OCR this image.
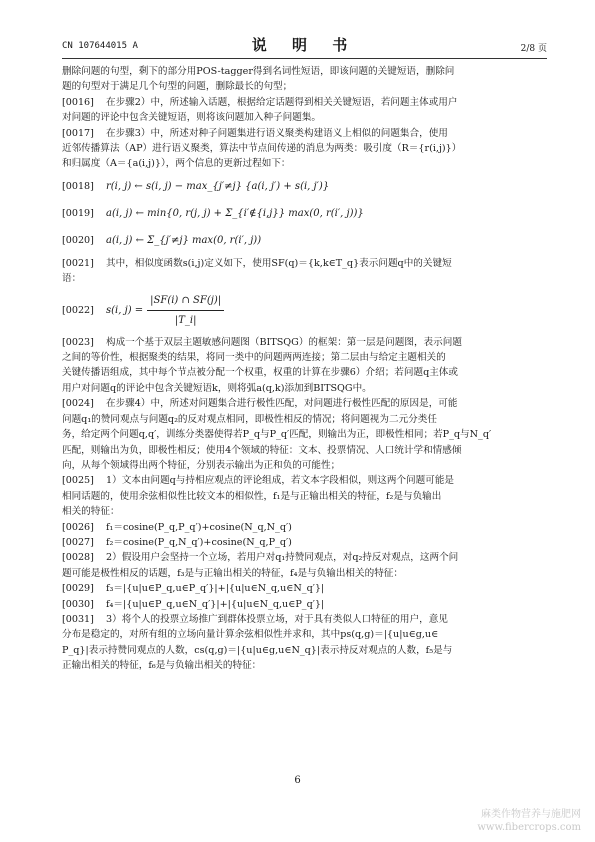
CN 107644015 A	说 明 书	2/8 页
删除问题的句型，剩下的部分用POS-tagger得到名词性短语，即该问题的关键短语，删除问
题的句型对于满足几个句型的问题，删除最长的句型；
[0016] 在步骤2）中，所述输入话题，根据给定话题得到相关关键短语，若问题主体或用户
对问题的评论中包含关键短语，则将该问题加入种子问题集。
[0017] 在步骤3）中，所述对种子问题集进行语义聚类构建语义上相似的问题集合，使用
近邻传播算法（AP）进行语义聚类，算法中节点间传递的消息为两类：吸引度（R＝{r(i,j)}）
和归属度（A＝{a(i,j)}），两个信息的更新过程如下：
[0018]	r(i, j) ← s(i, j) − max_{j′≠j} {a(i, j′) + s(i, j′)}
[0019]	a(i, j) ← min{0, r(j, j) + Σ_{i′∉{i,j}} max(0, r(i′, j))}
[0020]	a(i, j) ← Σ_{j′≠j} max(0, r(i′, j))
[0021] 其中，相似度函数s(i,j)定义如下，使用SF(q)＝{k,k∈T_q}表示问题q中的关键短
语：
[0022]	s(i, $j) = \frac{|SF(i) \cap SF(j)|}{|T\_i|}$
[0023] 构成一个基于双层主题敏感问题图（BITSQG）的框架：第一层是问题图，表示问题
之间的等价性，根据聚类的结果，将同一类中的问题两两连接；第二层由与给定主题相关的
关键传播语组成，其中每个节点被分配一个权重，权重的计算在步骤6）介绍；若问题q主体或
用户对问题q的评论中包含关键短语k，则将弧a(q,k)添加到BITSQG中。
[0024] 在步骤4）中，所述对问题集合进行极性匹配，对问题进行极性匹配的原因是，可能
问题q₁的赞同观点与问题q₂的反对观点相同，即极性相反的情况；将问题视为二元分类任
务，给定两个问题q,q′，训练分类器使得若P_q与P_q′匹配，则输出为正，即极性相同；若P_q与N_q′
匹配，则输出为负，即极性相反；使用4个领域的特征：文本、投票情况、人口统计学和情感倾
向，从每个领域得出两个特征，分别表示输出为正和负的可能性；
[0025] 1）文本由问题q与持相应观点的评论组成，若文本字段相似，则这两个问题可能是
相同话题的，使用余弦相似性比较文本的相似性，f₁是与正输出相关的特征，f₂是与负输出
相关的特征：
[0026] f₁＝cosine(P_q,P_q′)+cosine(N_q,N_q′)
[0027] f₂＝cosine(P_q,N_q′)+cosine(N_q,P_q′)
[0028] 2）假设用户会坚持一个立场，若用户对q₁持赞同观点，对q₂持反对观点，这两个问
题可能是极性相反的话题，f₃是与正输出相关的特征，f₄是与负输出相关的特征：
[0029] f₃＝|{u|u∈P_q,u∈P_q′}|+|{u|u∈N_q,u∈N_q′}|
[0030] f₄＝|{u|u∈P_q,u∈N_q′}|+|{u|u∈N_q,u∈P_q′}|
[0031] 3）将个人的投票立场推广到群体投票立场，对于具有类似人口特征的用户，意见
分布是稳定的，对所有组的立场向量计算余弦相似性并求和，其中ps(q,g)＝|{u|u∈g,u∈
P_q}|表示持赞同观点的人数，cs(q,g)＝|{u|u∈g,u∈N_q}|表示持反对观点的人数，f₅是与
正输出相关的特征，f₆是与负输出相关的特征：
6
麻类作物营养与施肥网
www.fibercrops.com
